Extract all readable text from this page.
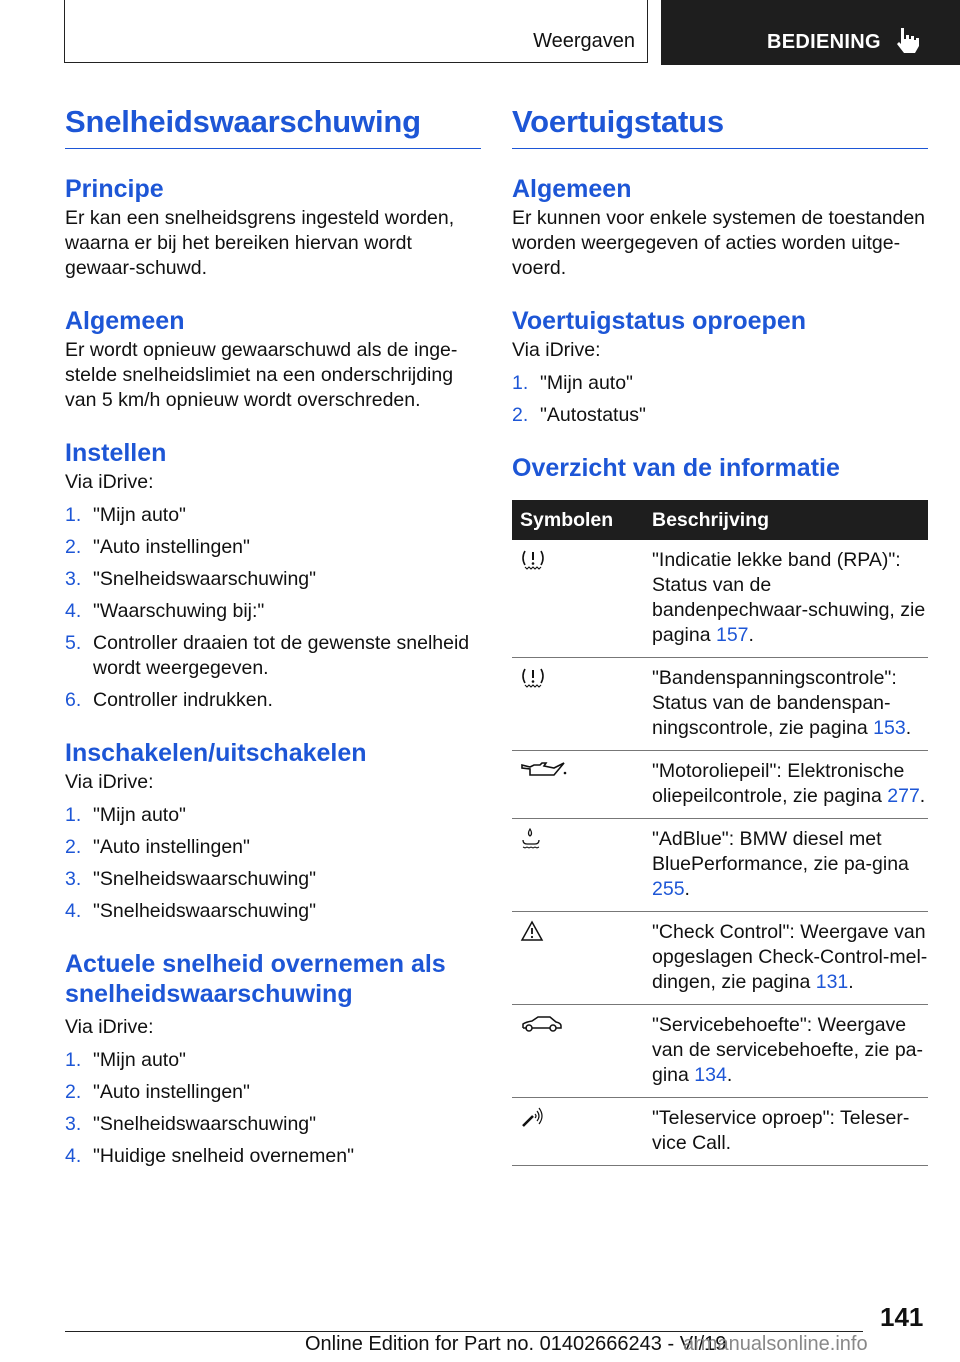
Weergaven	BEDIENING
Snelheidswaarschuwing
Principe

Er kan een snelheidsgrens ingesteld worden, waarna er bij het bereiken hiervan wordt gewaar-schuwd.

Algemeen

Er wordt opnieuw gewaarschuwd als de inge-stelde snelheidslimiet na een onderschrijding van 5 km/h opnieuw wordt overschreden.

Instellen

Via iDrive:

1. "Mijn auto"
2. "Auto instellingen"
3. "Snelheidswaarschuwing"
4. "Waarschuwing bij:"
5. Controller draaien tot de gewenste snelheid wordt weergegeven.
6. Controller indrukken.
Inschakelen/uitschakelen

Via iDrive:

1. "Mijn auto"
2. "Auto instellingen"
3. "Snelheidswaarschuwing"
4. "Snelheidswaarschuwing"
Actuele snelheid overnemen als snelheidswaarschuwing

Via iDrive:

1. "Mijn auto"
2. "Auto instellingen"
3. "Snelheidswaarschuwing"
4. "Huidige snelheid overnemen"
Voertuigstatus
Algemeen

Er kunnen voor enkele systemen de toestanden worden weergegeven of acties worden uitge-voerd.

Voertuigstatus oproepen

Via iDrive:

1. "Mijn auto"
2. "Autostatus"
Overzicht van de informatie
Symbolen	Beschrijving
	"Indicatie lekke band (RPA)": Status van de bandenpechwaar-schuwing, zie pagina 157.
	"Bandenspanningscontrole": Status van de bandenspan-ningscontrole, zie pagina 153.
	"Motoroliepeil": Elektronische oliepeilcontrole, zie pagina 277.
	"AdBlue": BMW diesel met BluePerformance, zie pa-gina 255.
	"Check Control": Weergave van opgeslagen Check-Control-mel-dingen, zie pagina 131.
	"Servicebehoefte": Weergave van de servicebehoefte, zie pa-gina 134.
	"Teleservice oproep": Teleser-vice Call.
141
Online Edition for Part no. 01402666243 - VI/19
armanualsonline.info
